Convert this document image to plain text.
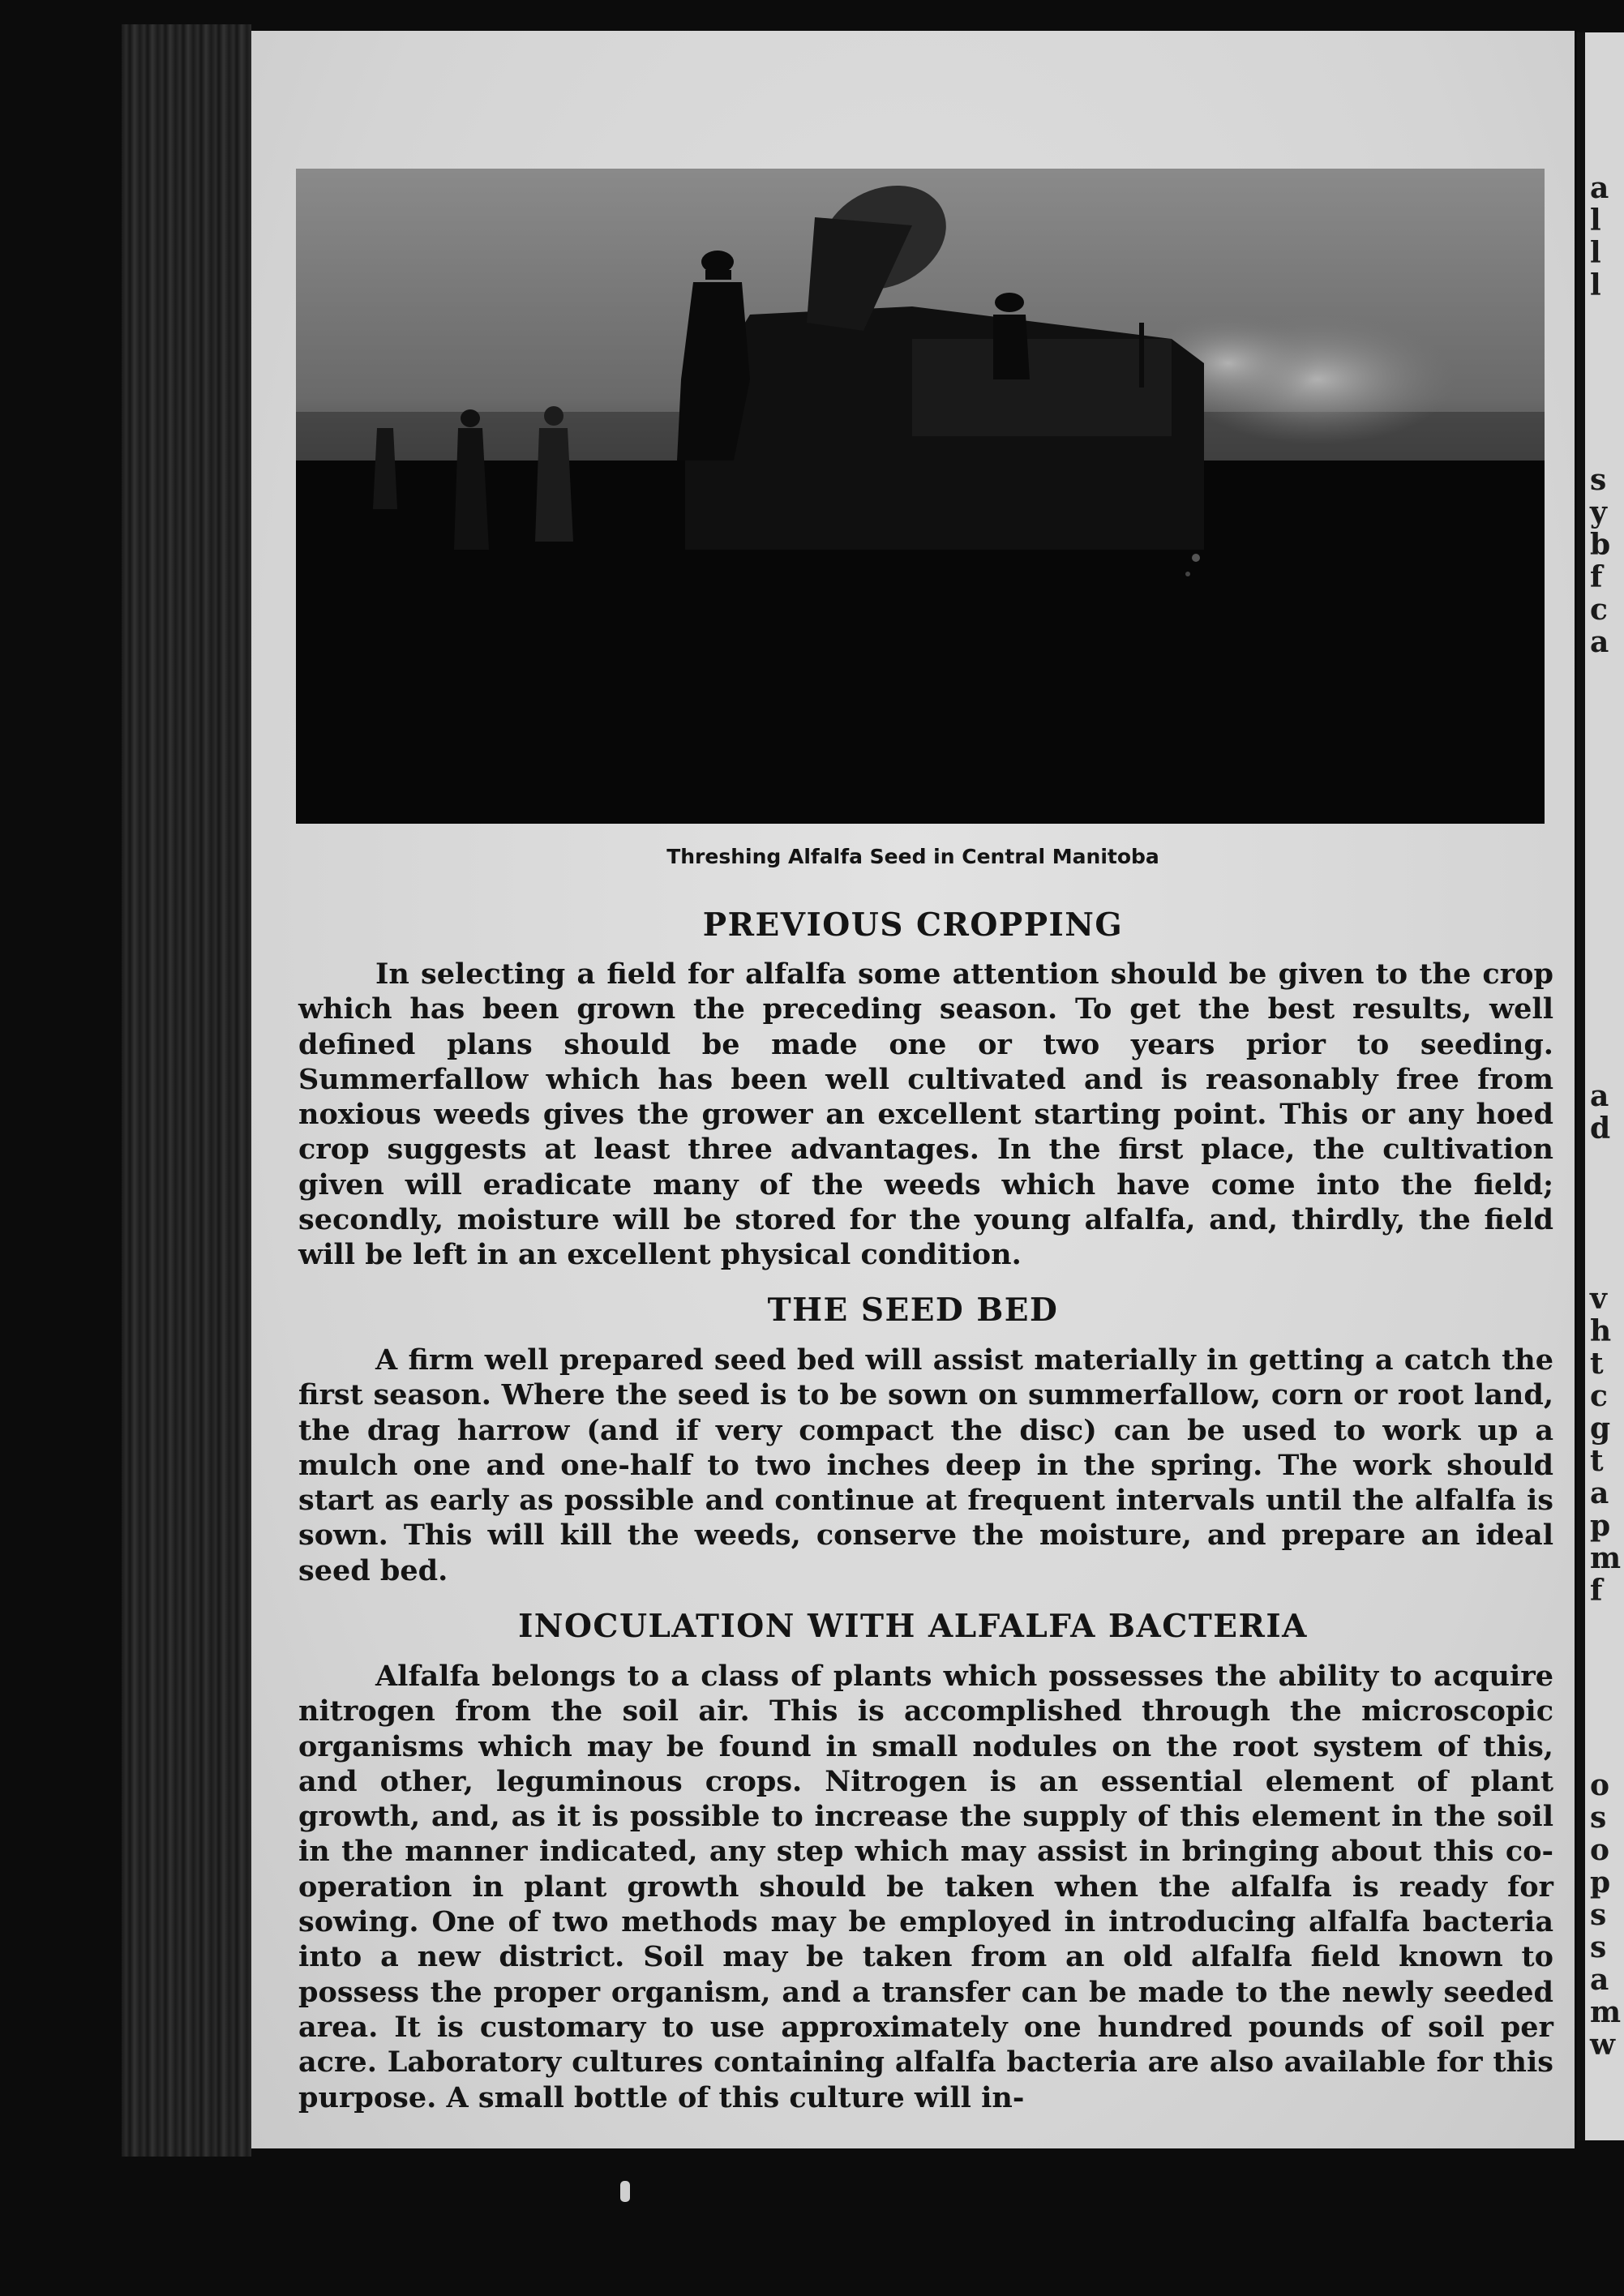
a
l
l
l
s
y
b
f
c
a
a
d
v
h
t
c
g
t
a
p
m
f
o
s
o
p
s
s
a
m
w
Threshing Alfalfa Seed in Central Manitoba
PREVIOUS CROPPING

In selecting a field for alfalfa some attention should be given to the crop which has been grown the preceding season. To get the best results, well defined plans should be made one or two years prior to seeding. Summerfallow which has been well cultivated and is reasonably free from noxious weeds gives the grower an excellent starting point. This or any hoed crop suggests at least three advantages. In the first place, the cultivation given will eradicate many of the weeds which have come into the field; secondly, moisture will be stored for the young alfalfa, and, thirdly, the field will be left in an excellent physical condition.

THE SEED BED

A firm well prepared seed bed will assist materially in getting a catch the first season. Where the seed is to be sown on summerfallow, corn or root land, the drag harrow (and if very compact the disc) can be used to work up a mulch one and one-half to two inches deep in the spring. The work should start as early as possible and continue at frequent intervals until the alfalfa is sown. This will kill the weeds, conserve the moisture, and prepare an ideal seed bed.

INOCULATION WITH ALFALFA BACTERIA

Alfalfa belongs to a class of plants which possesses the ability to acquire nitrogen from the soil air. This is accomplished through the microscopic organisms which may be found in small nodules on the root system of this, and other, leguminous crops. Nitrogen is an essential element of plant growth, and, as it is possible to increase the supply of this element in the soil in the manner indicated, any step which may assist in bringing about this co-operation in plant growth should be taken when the alfalfa is ready for sowing. One of two methods may be employed in introducing alfalfa bacteria into a new district. Soil may be taken from an old alfalfa field known to possess the proper organism, and a transfer can be made to the newly seeded area. It is customary to use approximately one hundred pounds of soil per acre. Laboratory cultures containing alfalfa bacteria are also available for this purpose. A small bottle of this culture will in-
